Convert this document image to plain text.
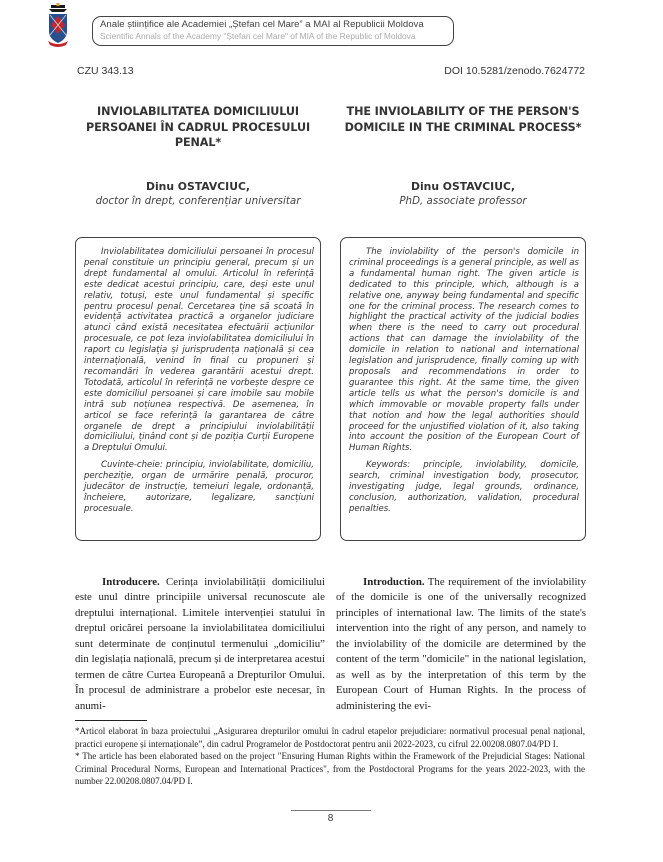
Anale științifice ale Academiei „Ștefan cel Mare” a MAI al Republicii Moldova
Scientific Annals of the Academy "Ștefan cel Mare" of MIA of the Republic of Moldova
CZU 343.13	DOI 10.5281/zenodo.7624772
INVIOLABILITATEA DOMICILIULUI PERSOANEI ÎN CADRUL PROCESULUI PENAL*
THE INVIOLABILITY OF THE PERSON'S DOMICILE IN THE CRIMINAL PROCESS*
Dinu OSTAVCIUC,
doctor în drept, conferențiar universitar
Dinu OSTAVCIUC,
PhD, associate professor

Inviolabilitatea domiciliului persoanei în procesul penal constituie un principiu general, precum și un drept fundamental al omului. Articolul în referință este dedicat acestui principiu, care, deși este unul relativ, totuși, este unul fundamental și specific pentru procesul penal. Cercetarea ține să scoată în evidență activitatea practică a organelor judiciare atunci când există necesitatea efectuării acțiunilor procesuale, ce pot leza inviolabilitatea domiciliului în raport cu legislația și jurisprudența națională și cea internațională, venind în final cu propuneri și recomandări în vederea garantării acestui drept. Totodată, articolul în referință ne vorbește despre ce este domiciliul persoanei și care imobile sau mobile intră sub noțiunea respectivă. De asemenea, în articol se face referință la garantarea de către organele de drept a principiului inviolabilității domiciliului, ținând cont și de poziția Curții Europene a Dreptului Omului.

Cuvinte-cheie: principiu, inviolabilitate, domiciliu, percheziție, organ de urmărire penală, procuror, judecător de instrucție, temeiuri legale, ordonanță, încheiere, autorizare, legalizare, sancțiuni procesuale.

The inviolability of the person's domicile in criminal proceedings is a general principle, as well as a fundamental human right. The given article is dedicated to this principle, which, although is a relative one, anyway being fundamental and specific one for the criminal process. The research comes to highlight the practical activity of the judicial bodies when there is the need to carry out procedural actions that can damage the inviolability of the domicile in relation to national and international legislation and jurisprudence, finally coming up with proposals and recommendations in order to guarantee this right. At the same time, the given article tells us what the person's domicile is and which immovable or movable property falls under that notion and how the legal authorities should proceed for the unjustified violation of it, also taking into account the position of the European Court of Human Rights.

Keywords: principle, inviolability, domicile, search, criminal investigation body, prosecutor, investigating judge, legal grounds, ordinance, conclusion, authorization, validation, procedural penalties.

Introducere. Cerința inviolabilității domiciliului este unul dintre principiile universal recunoscute ale dreptului internațional. Limitele intervenției statului în dreptul oricărei persoane la inviolabilitatea domiciliului sunt determinate de conținutul termenului „domiciliu” din legislația națională, precum și de interpretarea acestui termen de către Curtea Europeană a Drepturilor Omului. În procesul de administrare a probelor este necesar, în anumi-

Introduction. The requirement of the inviolability of the domicile is one of the universally recognized principles of international law. The limits of the state's intervention into the right of any person, and namely to the inviolability of the domicile are determined by the content of the term "domicile" in the national legislation, as well as by the interpretation of this term by the European Court of Human Rights. In the process of administering the evi-

*Articol elaborat în baza proiectului „Asigurarea drepturilor omului în cadrul etapelor prejudiciare: normativul procesual penal național, practici europene și internaționale”, din cadrul Programelor de Postdoctorat pentru anii 2022-2023, cu cifrul 22.00208.0807.04/PD I.

* The article has been elaborated based on the project "Ensuring Human Rights within the Framework of the Prejudicial Stages: National Criminal Procedural Norms, European and International Practices", from the Postdoctoral Programs for the years 2022-2023, with the number 22.00208.0807.04/PD I.

8
